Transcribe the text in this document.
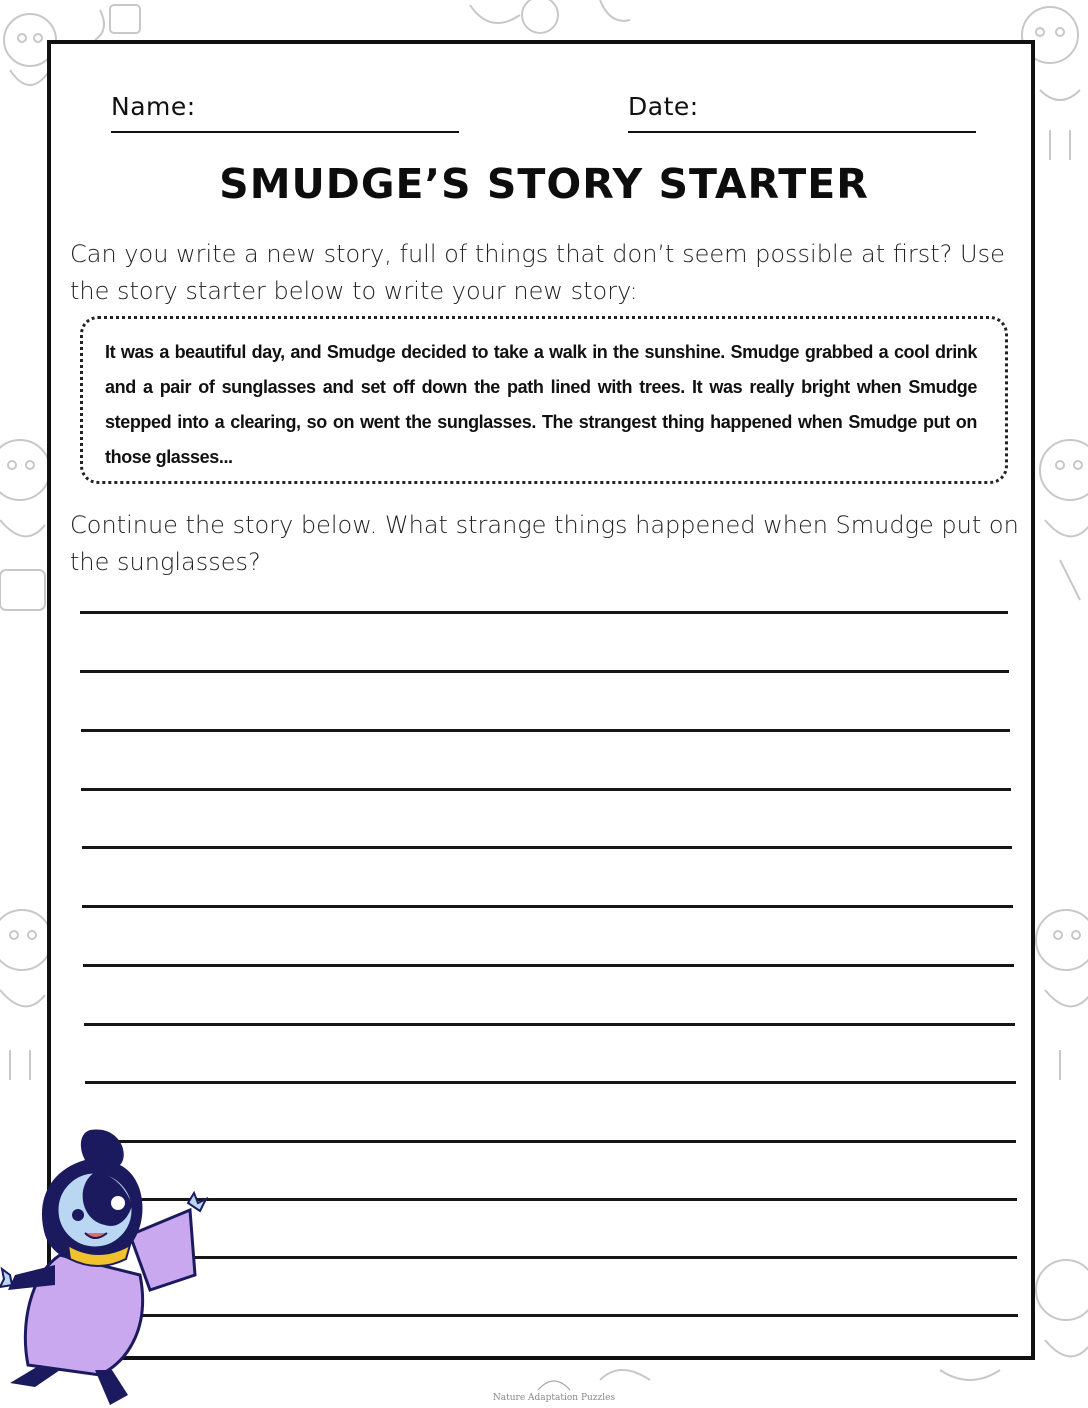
Name:	Date:
SMUDGE’S STORY STARTER
Can you write a new story, full of things that don’t seem possible at first? Use the story starter below to write your new story:
It was a beautiful day, and Smudge decided to take a walk in the sunshine. Smudge grabbed a cool drink and a pair of sunglasses and set off down the path lined with trees. It was really bright when Smudge stepped into a clearing, so on went the sunglasses. The strangest thing happened when Smudge put on those glasses...
Continue the story below. What strange things happened when Smudge put on the sunglasses?
Nature Adaptation Puzzles
